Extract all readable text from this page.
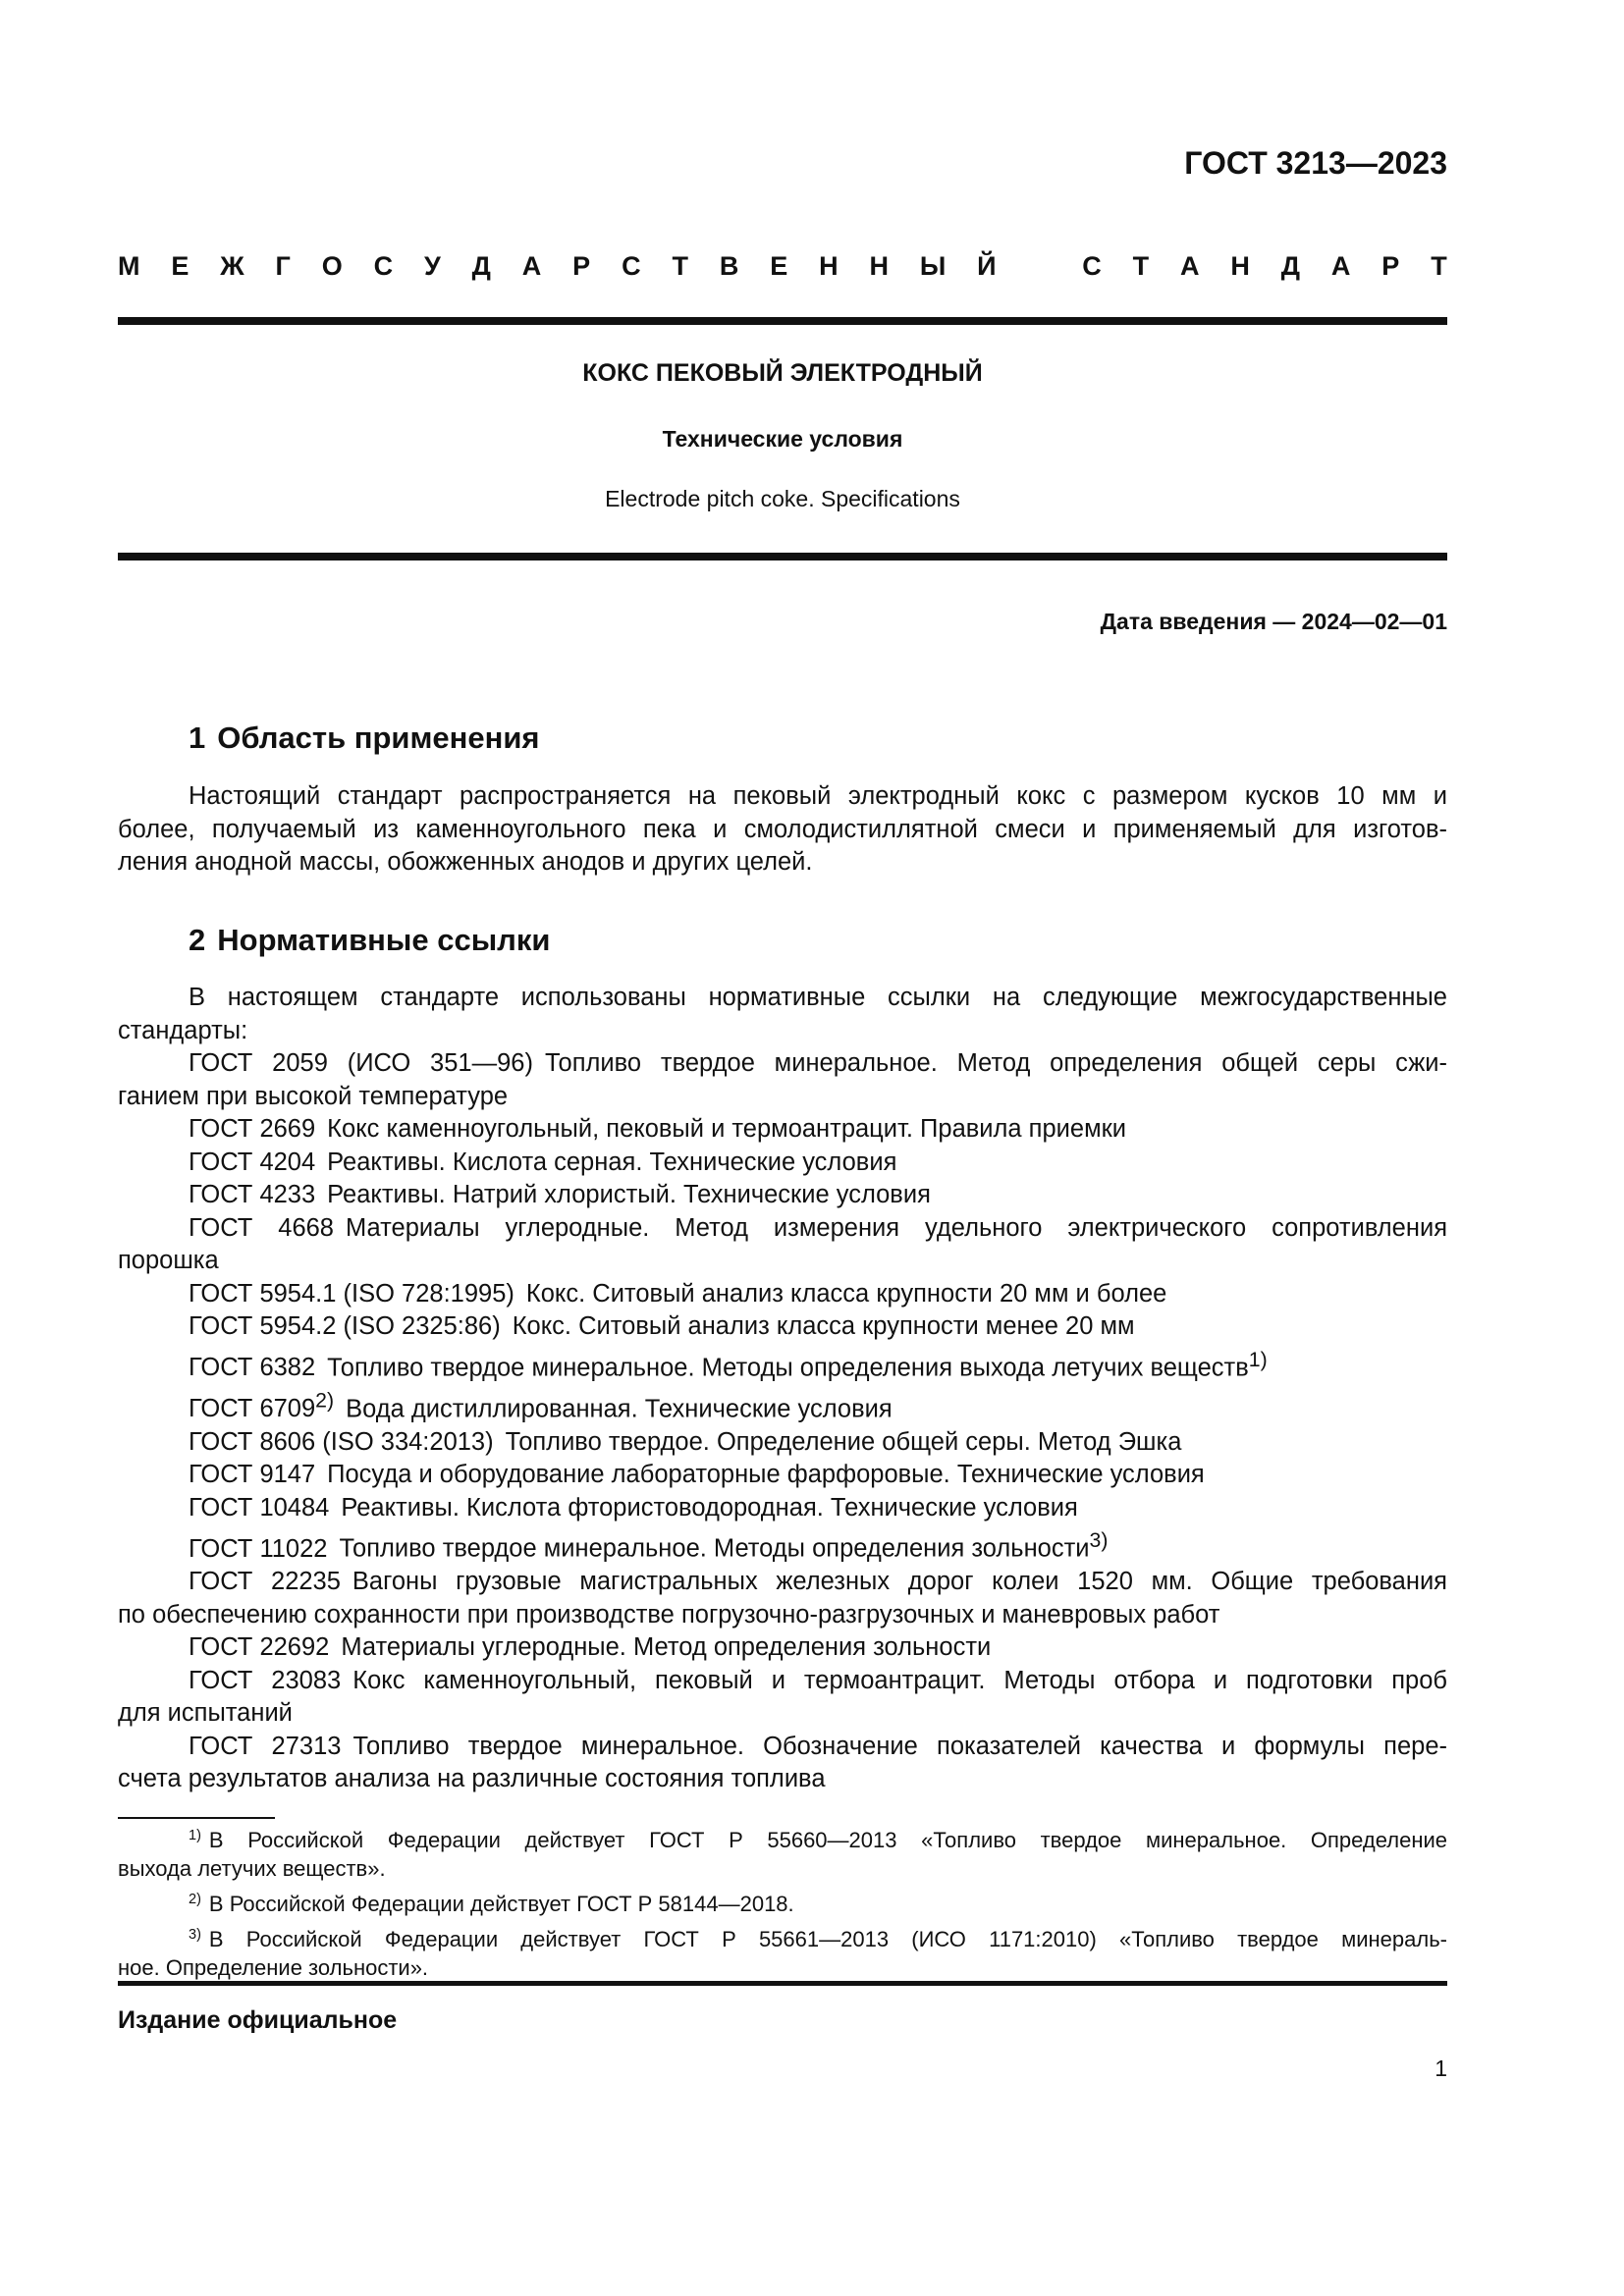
ГОСТ 3213—2023
М Е Ж Г О С У Д А Р С Т В Е Н Н Ы Й	С Т А Н Д А Р Т
КОКС ПЕКОВЫЙ ЭЛЕКТРОДНЫЙ
Технические условия
Electrode pitch coke. Specifications
Дата введения — 2024—02—01
1 Область применения
Настоящий стандарт распространяется на пековый электродный кокс с размером кусков 10 мм и
более, получаемый из каменноугольного пека и смолодистиллятной смеси и применяемый для изготов-
ления анодной массы, обожженных анодов и других целей.
2 Нормативные ссылки
В настоящем стандарте использованы нормативные ссылки на следующие межгосударственные
стандарты:
ГОСТ 2059 (ИСО 351—96) Топливо твердое минеральное. Метод определения общей серы сжи-
ганием при высокой температуре
ГОСТ 2669 Кокс каменноугольный, пековый и термоантрацит. Правила приемки
ГОСТ 4204 Реактивы. Кислота серная. Технические условия
ГОСТ 4233 Реактивы. Натрий хлористый. Технические условия
ГОСТ 4668 Материалы углеродные. Метод измерения удельного электрического сопротивления
порошка
ГОСТ 5954.1 (ISO 728:1995) Кокс. Ситовый анализ класса крупности 20 мм и более
ГОСТ 5954.2 (ISO 2325:86) Кокс. Ситовый анализ класса крупности менее 20 мм
ГОСТ 6382 Топливо твердое минеральное. Методы определения выхода летучих веществ$^{1)}$
ГОСТ 6709$^{2)}$ Вода дистиллированная. Технические условия
ГОСТ 8606 (ISO 334:2013) Топливо твердое. Определение общей серы. Метод Эшка
ГОСТ 9147 Посуда и оборудование лабораторные фарфоровые. Технические условия
ГОСТ 10484 Реактивы. Кислота фтористоводородная. Технические условия
ГОСТ 11022 Топливо твердое минеральное. Методы определения зольности$^{3)}$
ГОСТ 22235 Вагоны грузовые магистральных железных дорог колеи 1520 мм. Общие требования
по обеспечению сохранности при производстве погрузочно-разгрузочных и маневровых работ
ГОСТ 22692 Материалы углеродные. Метод определения зольности
ГОСТ 23083 Кокс каменноугольный, пековый и термоантрацит. Методы отбора и подготовки проб
для испытаний
ГОСТ 27313 Топливо твердое минеральное. Обозначение показателей качества и формулы пере-
счета результатов анализа на различные состояния топлива
$^{1)}$ В Российской Федерации действует ГОСТ Р 55660—2013 «Топливо твердое минеральное. Определение
выхода летучих веществ».
$^{2)}$ В Российской Федерации действует ГОСТ Р 58144—2018.
$^{3)}$ В Российской Федерации действует ГОСТ Р 55661—2013 (ИСО 1171:2010) «Топливо твердое минераль-
ное. Определение зольности».
Издание официальное
1
